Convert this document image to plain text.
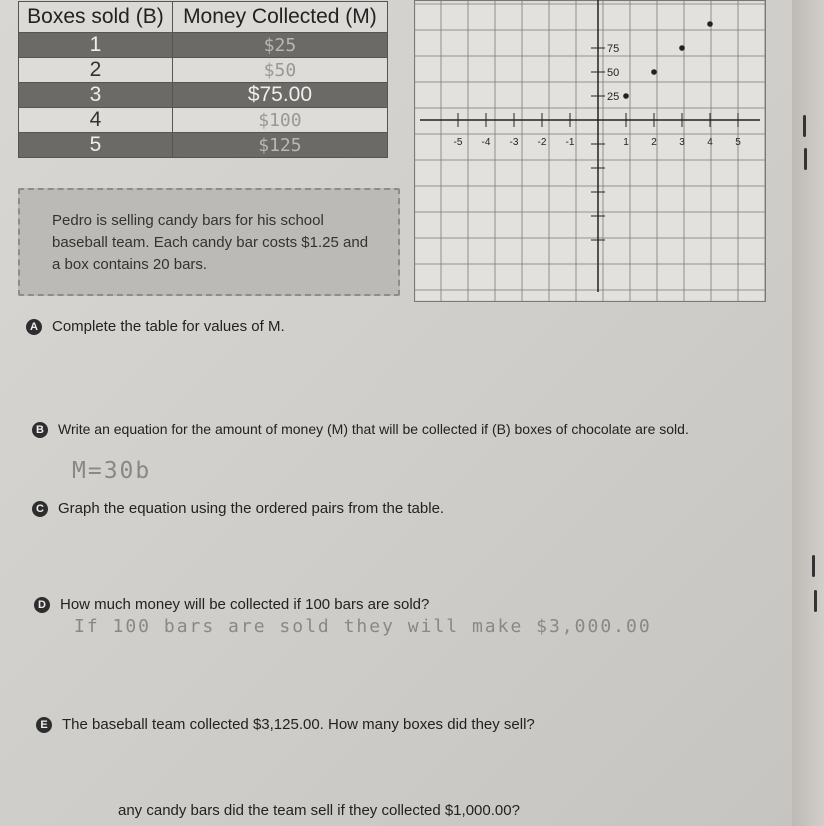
Boxes sold (B)	Money Collected (M)
1	$25
2	$50
3	$75.00
4	$100
5	$125

Pedro is selling candy bars for his school baseball team. Each candy bar costs $1.25 and a box contains 20 bars.

-5 -4 -3 -2 -1	1 2 3 4 5
75
50
25
A Complete the table for values of M.
B Write an equation for the amount of money (M) that will be collected if (B) boxes of chocolate are sold.
M=30b
C Graph the equation using the ordered pairs from the table.
D How much money will be collected if 100 bars are sold?
If 100 bars are sold they will make $3,000.00
E The baseball team collected $3,125.00. How many boxes did they sell?
any candy bars did the team sell if they collected $1,000.00?
